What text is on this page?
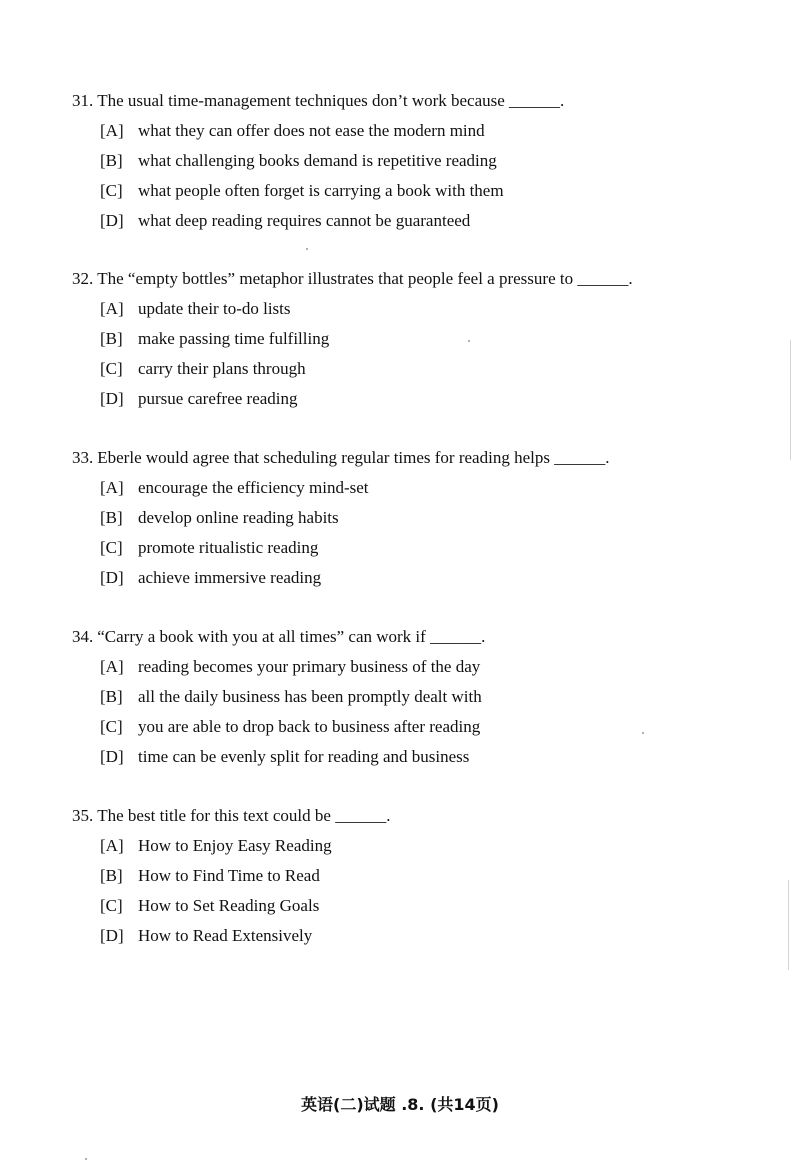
31. The usual time-management techniques don’t work because ______.
[A] what they can offer does not ease the modern mind
[B] what challenging books demand is repetitive reading
[C] what people often forget is carrying a book with them
[D] what deep reading requires cannot be guaranteed
32. The “empty bottles” metaphor illustrates that people feel a pressure to ______.
[A] update their to-do lists
[B] make passing time fulfilling
[C] carry their plans through
[D] pursue carefree reading
33. Eberle would agree that scheduling regular times for reading helps ______.
[A] encourage the efficiency mind-set
[B] develop online reading habits
[C] promote ritualistic reading
[D] achieve immersive reading
34. “Carry a book with you at all times” can work if ______.
[A] reading becomes your primary business of the day
[B] all the daily business has been promptly dealt with
[C] you are able to drop back to business after reading
[D] time can be evenly split for reading and business
35. The best title for this text could be ______.
[A] How to Enjoy Easy Reading
[B] How to Find Time to Read
[C] How to Set Reading Goals
[D] How to Read Extensively
英语(二)试题 .8. (共14页)
